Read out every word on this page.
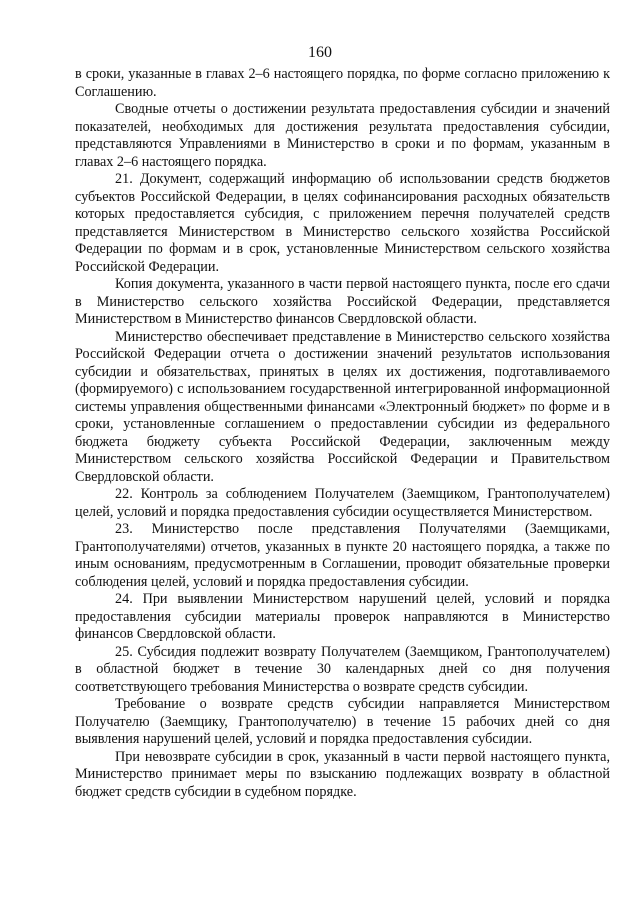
160

в сроки, указанные в главах 2–6 настоящего порядка, по форме согласно приложению к Соглашению.

Сводные отчеты о достижении результата предоставления субсидии и значений показателей, необходимых для достижения результата предоставления субсидии, представляются Управлениями в Министерство в сроки и по формам, указанным в главах 2–6 настоящего порядка.

21. Документ, содержащий информацию об использовании средств бюджетов субъектов Российской Федерации, в целях софинансирования расходных обязательств которых предоставляется субсидия, с приложением перечня получателей средств представляется Министерством в Министерство сельского хозяйства Российской Федерации по формам и в срок, установленные Министерством сельского хозяйства Российской Федерации.

Копия документа, указанного в части первой настоящего пункта, после его сдачи в Министерство сельского хозяйства Российской Федерации, представляется Министерством в Министерство финансов Свердловской области.

Министерство обеспечивает представление в Министерство сельского хозяйства Российской Федерации отчета о достижении значений результатов использования субсидии и обязательствах, принятых в целях их достижения, подготавливаемого (формируемого) с использованием государственной интегрированной информационной системы управления общественными финансами «Электронный бюджет» по форме и в сроки, установленные соглашением о предоставлении субсидии из федерального бюджета бюджету субъекта Российской Федерации, заключенным между Министерством сельского хозяйства Российской Федерации и Правительством Свердловской области.

22. Контроль за соблюдением Получателем (Заемщиком, Грантополучателем) целей, условий и порядка предоставления субсидии осуществляется Министерством.

23. Министерство после представления Получателями (Заемщиками, Грантополучателями) отчетов, указанных в пункте 20 настоящего порядка, а также по иным основаниям, предусмотренным в Соглашении, проводит обязательные проверки соблюдения целей, условий и порядка предоставления субсидии.

24. При выявлении Министерством нарушений целей, условий и порядка предоставления субсидии материалы проверок направляются в Министерство финансов Свердловской области.

25. Субсидия подлежит возврату Получателем (Заемщиком, Грантополучателем) в областной бюджет в течение 30 календарных дней со дня получения соответствующего требования Министерства о возврате средств субсидии.

Требование о возврате средств субсидии направляется Министерством Получателю (Заемщику, Грантополучателю) в течение 15 рабочих дней со дня выявления нарушений целей, условий и порядка предоставления субсидии.

При невозврате субсидии в срок, указанный в части первой настоящего пункта, Министерство принимает меры по взысканию подлежащих возврату в областной бюджет средств субсидии в судебном порядке.
